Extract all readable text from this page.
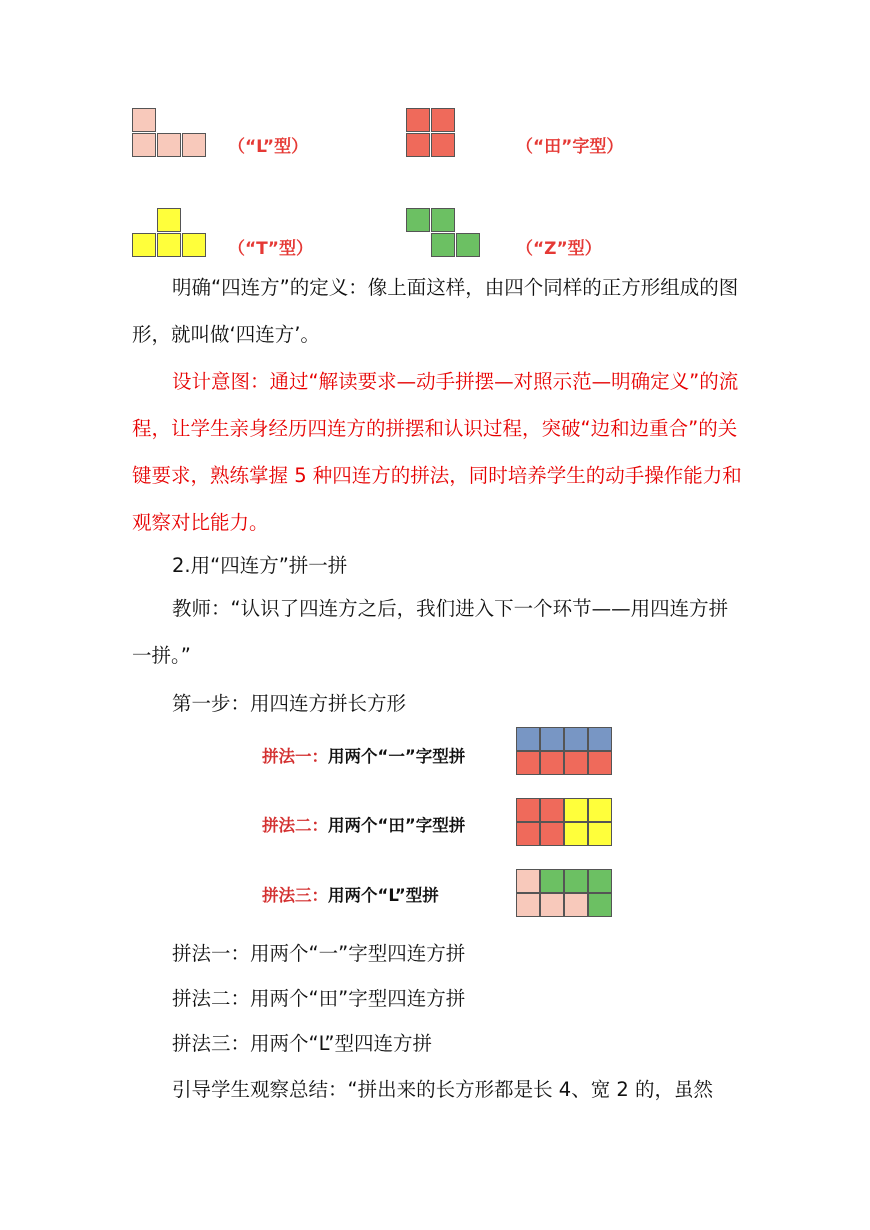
（“L”型）	（“田”字型）
（“T”型）	（“Z”型）

明确“四连方”的定义：像上面这样，由四个同样的正方形组成的图形，就叫做‘四连方’。

设计意图：通过“解读要求—动手拼摆—对照示范—明确定义”的流程，让学生亲身经历四连方的拼摆和认识过程，突破“边和边重合”的关键要求，熟练掌握 5 种四连方的拼法，同时培养学生的动手操作能力和观察对比能力。

2.用“四连方”拼一拼

教师：“认识了四连方之后，我们进入下一个环节——用四连方拼一拼。”

第一步：用四连方拼长方形
拼法一：用两个“一”字型拼
拼法二：用两个“田”字型拼
拼法三：用两个“L”型拼
拼法一：用两个“一”字型四连方拼
拼法二：用两个“田”字型四连方拼
拼法三：用两个“L”型四连方拼
引导学生观察总结：“拼出来的长方形都是长 4、宽 2 的，虽然
